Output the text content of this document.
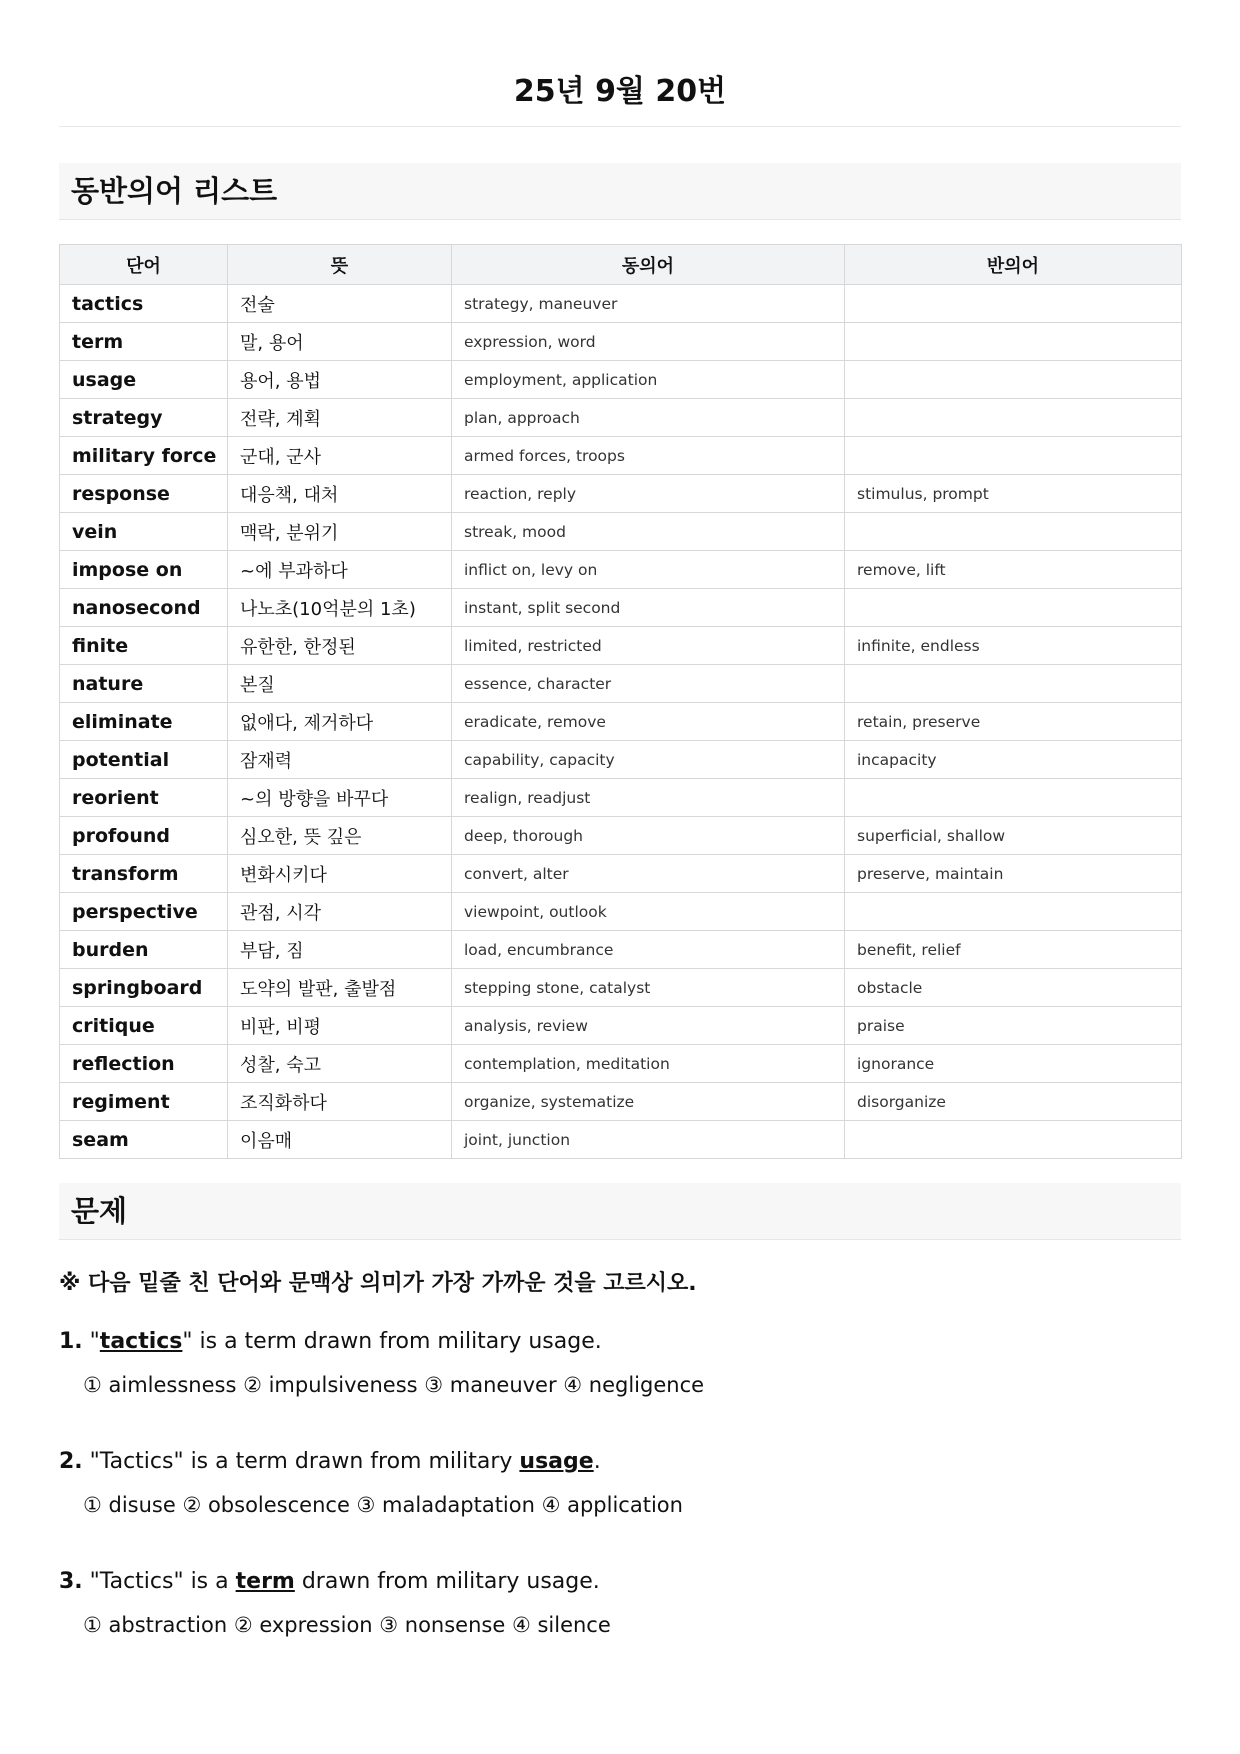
25년 9월 20번
동반의어 리스트
단어	뜻	동의어	반의어
tactics	전술	strategy, maneuver	
term	말, 용어	expression, word	
usage	용어, 용법	employment, application	
strategy	전략, 계획	plan, approach	
military force	군대, 군사	armed forces, troops	
response	대응책, 대처	reaction, reply	stimulus, prompt
vein	맥락, 분위기	streak, mood	
impose on	~에 부과하다	inflict on, levy on	remove, lift
nanosecond	나노초(10억분의 1초)	instant, split second	
finite	유한한, 한정된	limited, restricted	infinite, endless
nature	본질	essence, character	
eliminate	없애다, 제거하다	eradicate, remove	retain, preserve
potential	잠재력	capability, capacity	incapacity
reorient	~의 방향을 바꾸다	realign, readjust	
profound	심오한, 뜻 깊은	deep, thorough	superficial, shallow
transform	변화시키다	convert, alter	preserve, maintain
perspective	관점, 시각	viewpoint, outlook	
burden	부담, 짐	load, encumbrance	benefit, relief
springboard	도약의 발판, 출발점	stepping stone, catalyst	obstacle
critique	비판, 비평	analysis, review	praise
reflection	성찰, 숙고	contemplation, meditation	ignorance
regiment	조직화하다	organize, systematize	disorganize
seam	이음매	joint, junction	
문제

※ 다음 밑줄 친 단어와 문맥상 의미가 가장 가까운 것을 고르시오.

1. "tactics" is a term drawn from military usage.
① aimlessness ② impulsiveness ③ maneuver ④ negligence
2. "Tactics" is a term drawn from military usage.
① disuse ② obsolescence ③ maladaptation ④ application
3. "Tactics" is a term drawn from military usage.
① abstraction ② expression ③ nonsense ④ silence
